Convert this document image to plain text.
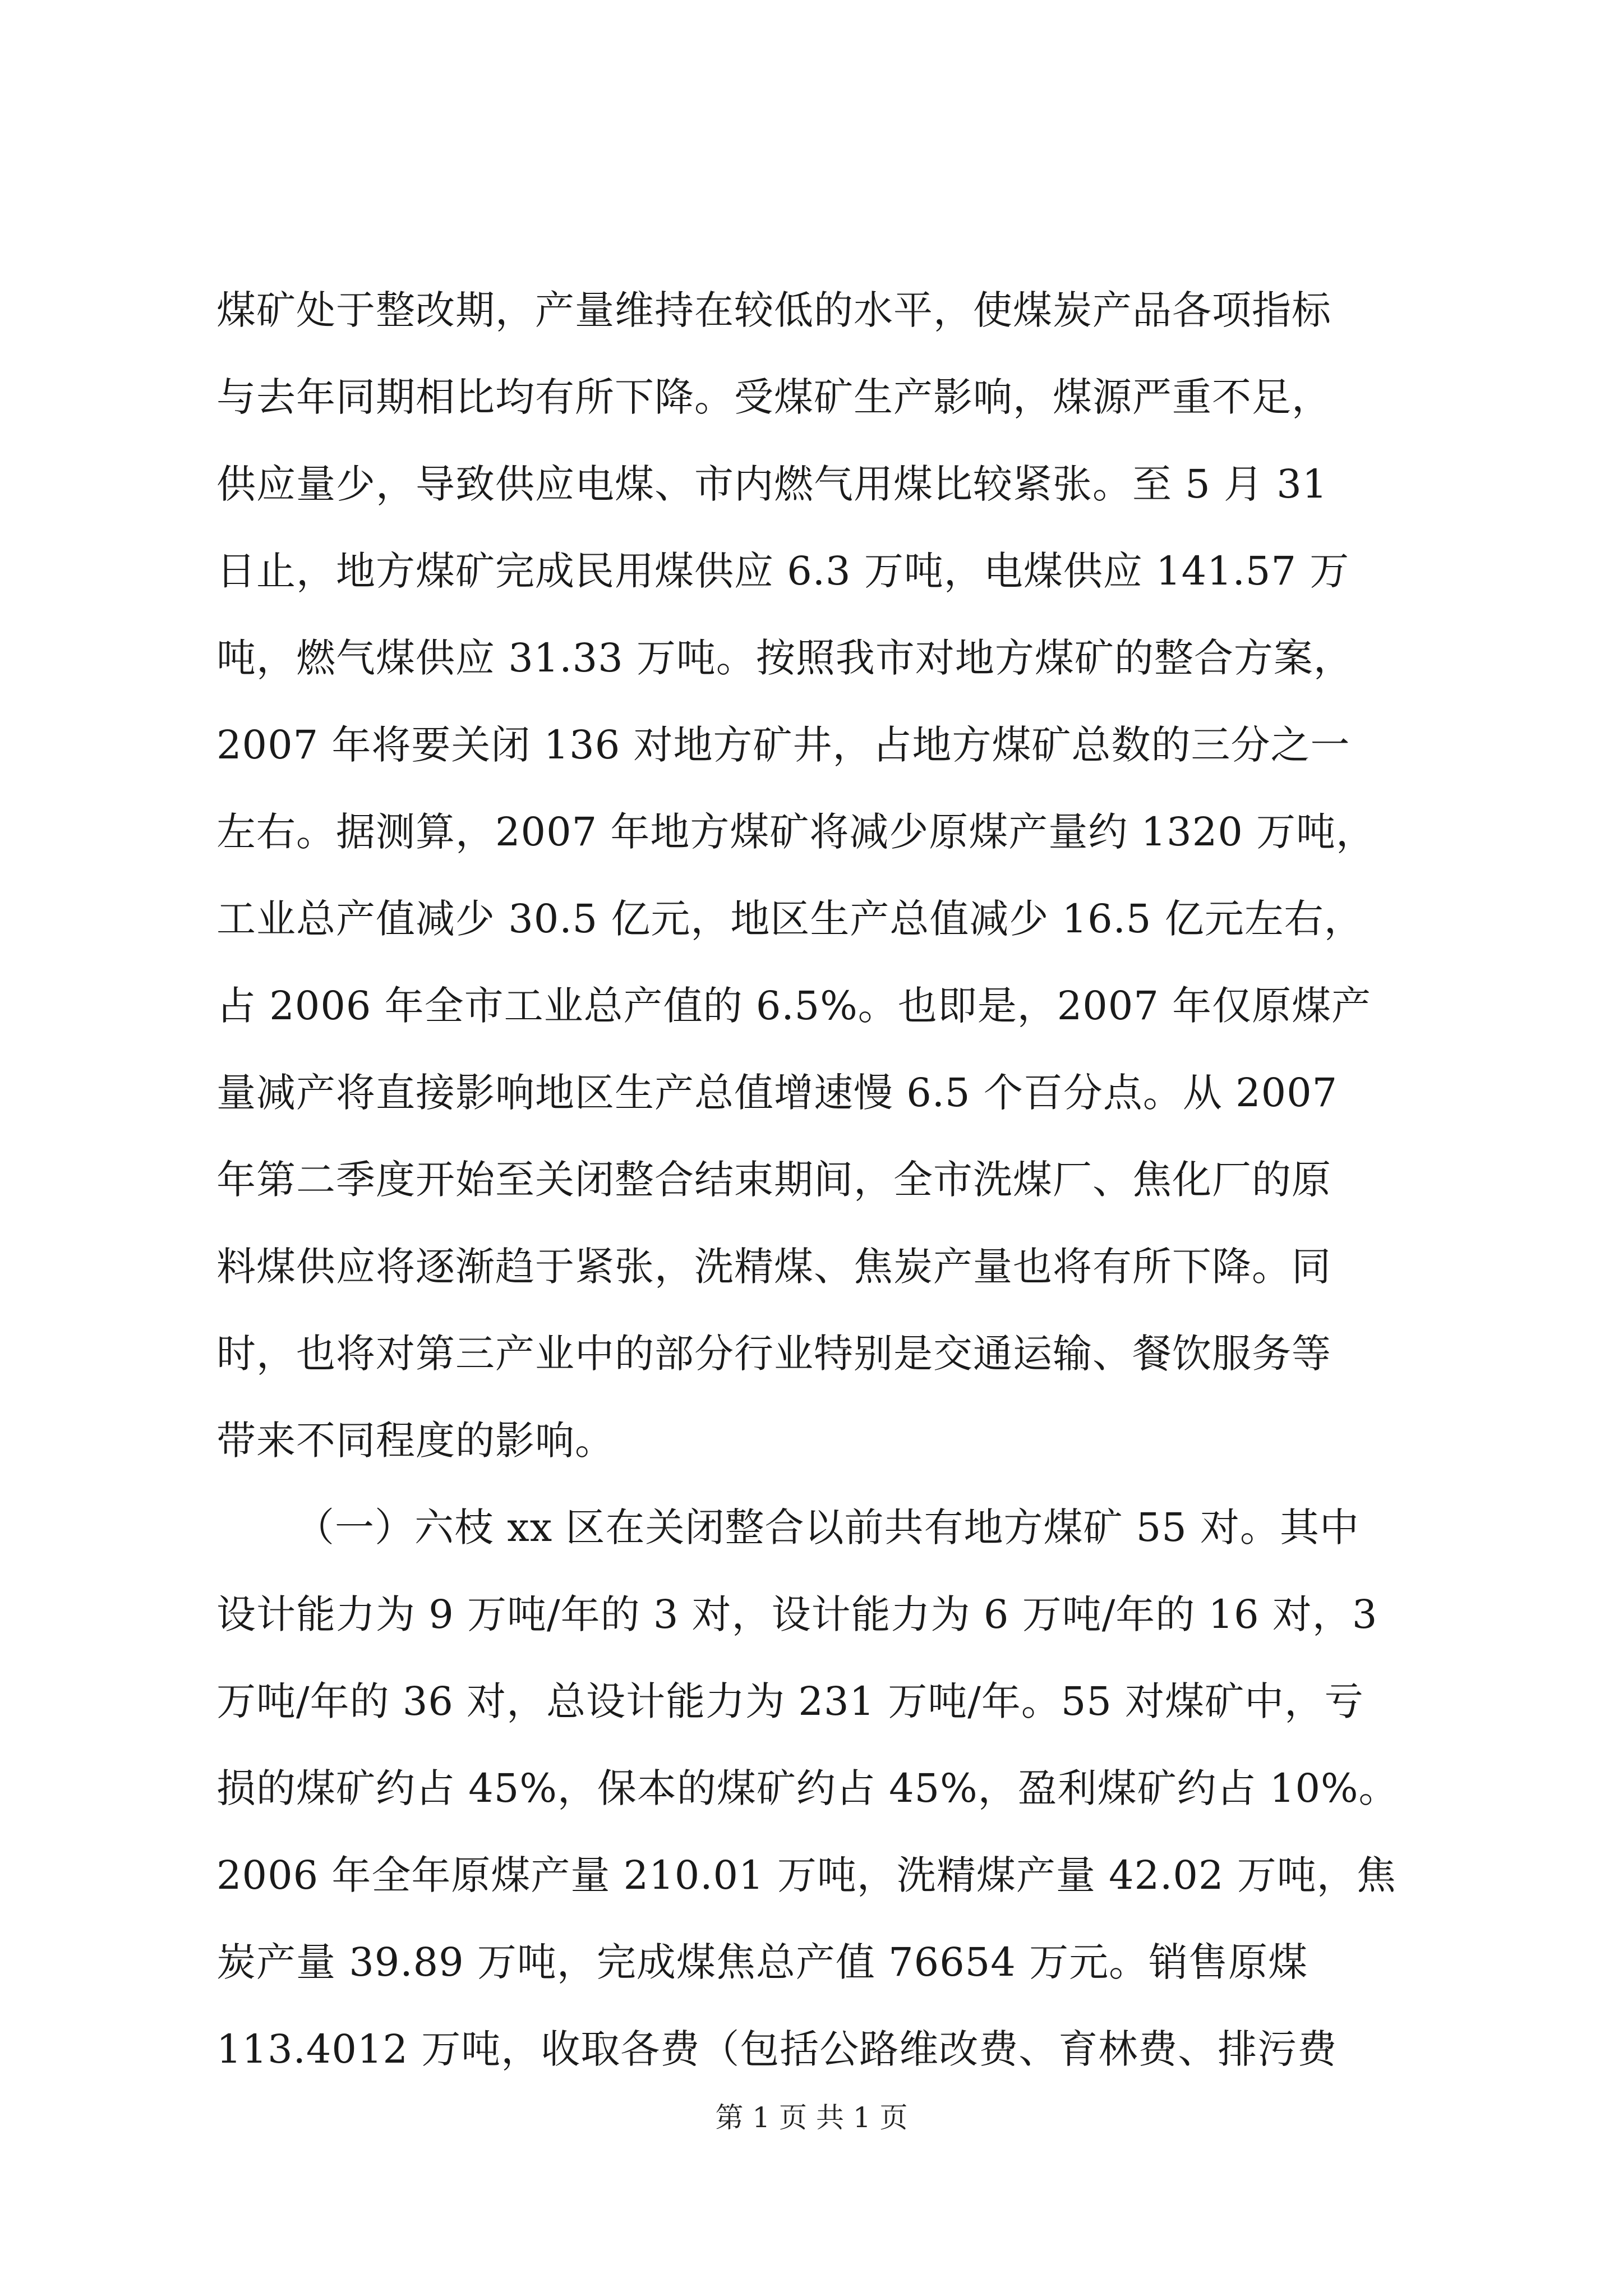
煤矿处于整改期，产量维持在较低的水平，使煤炭产品各项指标
与去年同期相比均有所下降。受煤矿生产影响，煤源严重不足，
供应量少，导致供应电煤、市内燃气用煤比较紧张。至 5 月 31
日止，地方煤矿完成民用煤供应 6.3 万吨，电煤供应 141.57 万
吨，燃气煤供应 31.33 万吨。按照我市对地方煤矿的整合方案，
2007 年将要关闭 136 对地方矿井，占地方煤矿总数的三分之一
左右。据测算，2007 年地方煤矿将减少原煤产量约 1320 万吨，
工业总产值减少 30.5 亿元，地区生产总值减少 16.5 亿元左右，
占 2006 年全市工业总产值的 6.5%。也即是，2007 年仅原煤产
量减产将直接影响地区生产总值增速慢 6.5 个百分点。从 2007
年第二季度开始至关闭整合结束期间，全市洗煤厂、焦化厂的原
料煤供应将逐渐趋于紧张，洗精煤、焦炭产量也将有所下降。同
时，也将对第三产业中的部分行业特别是交通运输、餐饮服务等
带来不同程度的影响。
（一）六枝 xx 区在关闭整合以前共有地方煤矿 55 对。其中
设计能力为 9 万吨/年的 3 对，设计能力为 6 万吨/年的 16 对，3
万吨/年的 36 对，总设计能力为 231 万吨/年。55 对煤矿中，亏
损的煤矿约占 45%，保本的煤矿约占 45%，盈利煤矿约占 10%。
2006 年全年原煤产量 210.01 万吨，洗精煤产量 42.02 万吨，焦
炭产量 39.89 万吨，完成煤焦总产值 76654 万元。销售原煤
113.4012 万吨，收取各费（包括公路维改费、育林费、排污费
第 1 页 共 1 页
